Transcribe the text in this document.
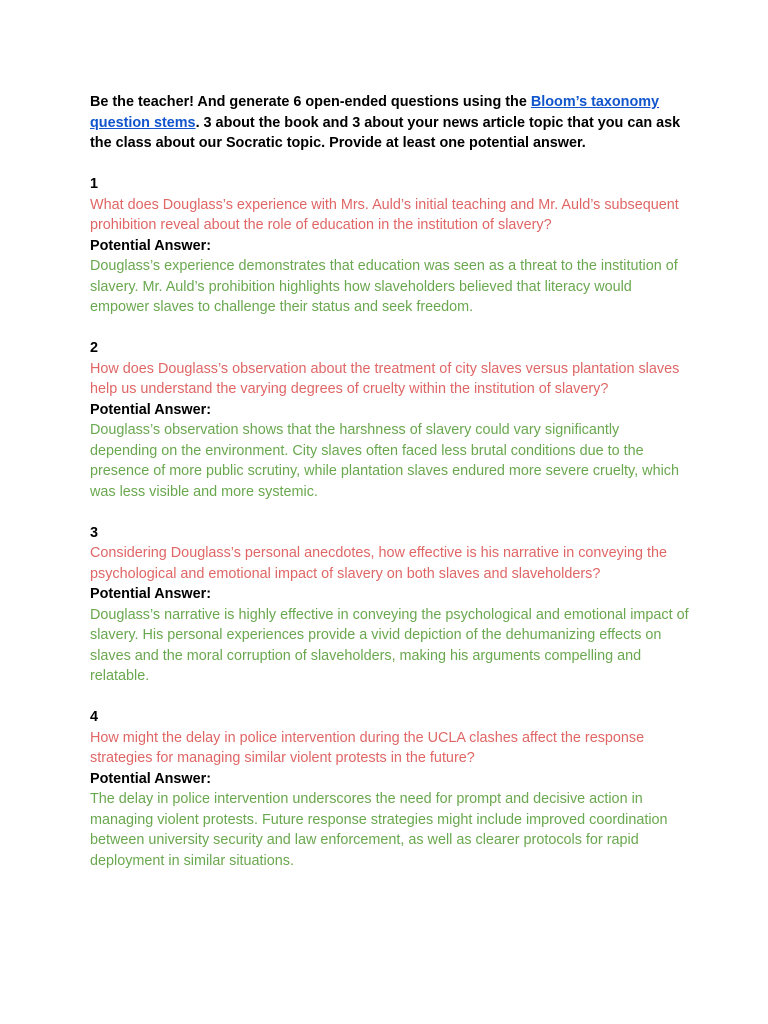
Be the teacher! And generate 6 open-ended questions using the Bloom’s taxonomy question stems. 3 about the book and 3 about your news article topic that you can ask the class about our Socratic topic. Provide at least one potential answer.

1
What does Douglass’s experience with Mrs. Auld’s initial teaching and Mr. Auld’s subsequent prohibition reveal about the role of education in the institution of slavery?
Potential Answer:
Douglass’s experience demonstrates that education was seen as a threat to the institution of slavery. Mr. Auld’s prohibition highlights how slaveholders believed that literacy would empower slaves to challenge their status and seek freedom.
2
How does Douglass’s observation about the treatment of city slaves versus plantation slaves help us understand the varying degrees of cruelty within the institution of slavery?
Potential Answer:
Douglass’s observation shows that the harshness of slavery could vary significantly depending on the environment. City slaves often faced less brutal conditions due to the presence of more public scrutiny, while plantation slaves endured more severe cruelty, which was less visible and more systemic.
3
Considering Douglass’s personal anecdotes, how effective is his narrative in conveying the psychological and emotional impact of slavery on both slaves and slaveholders?
Potential Answer:
Douglass’s narrative is highly effective in conveying the psychological and emotional impact of slavery. His personal experiences provide a vivid depiction of the dehumanizing effects on slaves and the moral corruption of slaveholders, making his arguments compelling and relatable.
4
How might the delay in police intervention during the UCLA clashes affect the response strategies for managing similar violent protests in the future?
Potential Answer:
The delay in police intervention underscores the need for prompt and decisive action in managing violent protests. Future response strategies might include improved coordination between university security and law enforcement, as well as clearer protocols for rapid deployment in similar situations.
